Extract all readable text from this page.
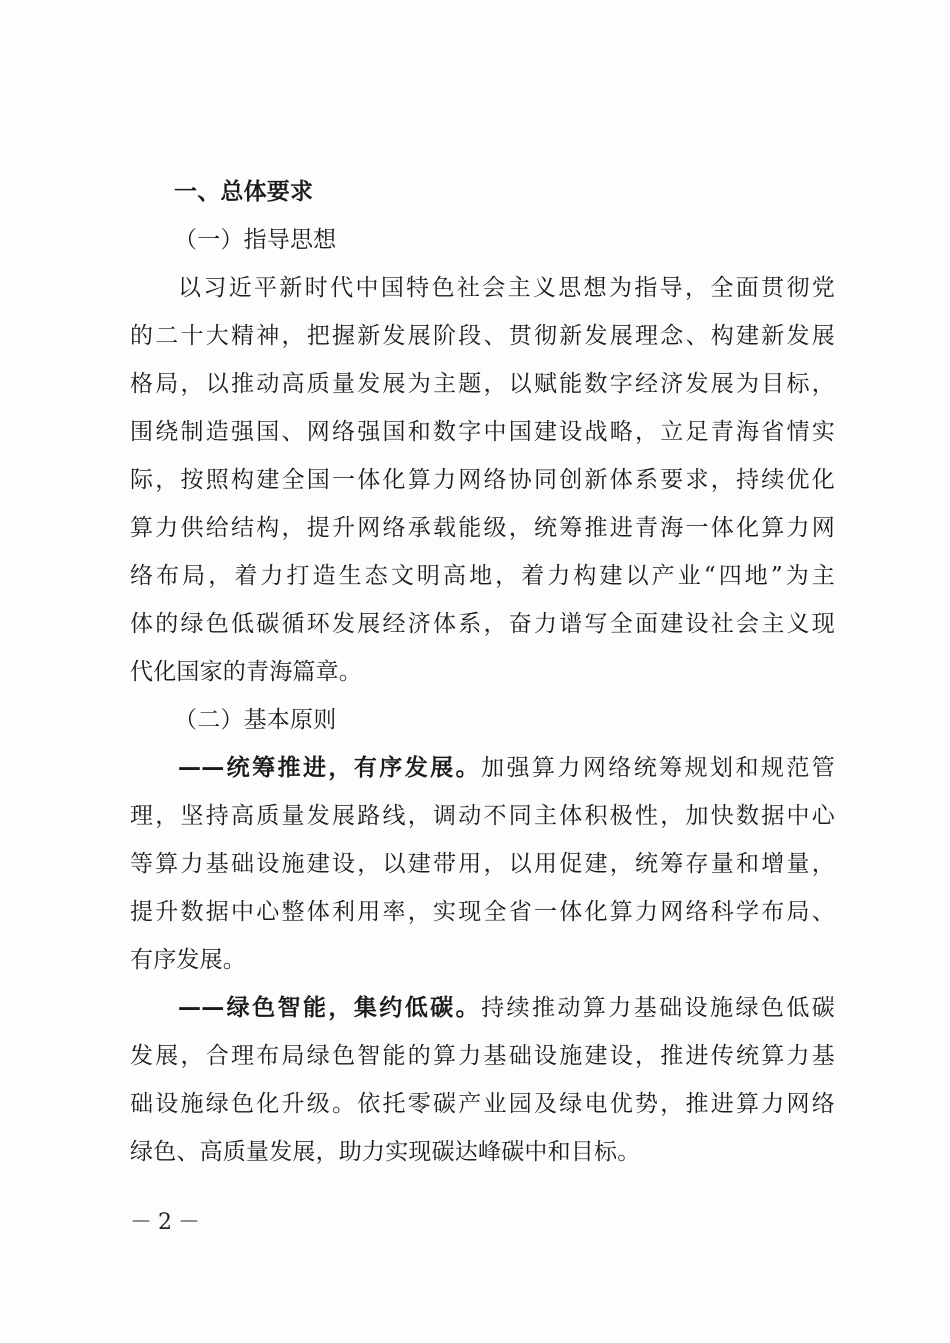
一、总体要求
（一）指导思想
以习近平新时代中国特色社会主义思想为指导，全面贯彻党
的二十大精神，把握新发展阶段、贯彻新发展理念、构建新发展
格局，以推动高质量发展为主题，以赋能数字经济发展为目标，
围绕制造强国、网络强国和数字中国建设战略，立足青海省情实
际，按照构建全国一体化算力网络协同创新体系要求，持续优化
算力供给结构，提升网络承载能级，统筹推进青海一体化算力网
络布局，着力打造生态文明高地，着力构建以产业“四地”为主
体的绿色低碳循环发展经济体系，奋力谱写全面建设社会主义现
代化国家的青海篇章。
（二）基本原则
——统筹推进，有序发展。加强算力网络统筹规划和规范管
理，坚持高质量发展路线，调动不同主体积极性，加快数据中心
等算力基础设施建设，以建带用，以用促建，统筹存量和增量，
提升数据中心整体利用率，实现全省一体化算力网络科学布局、
有序发展。
——绿色智能，集约低碳。持续推动算力基础设施绿色低碳
发展，合理布局绿色智能的算力基础设施建设，推进传统算力基
础设施绿色化升级。依托零碳产业园及绿电优势，推进算力网络
绿色、高质量发展，助力实现碳达峰碳中和目标。
－2－
